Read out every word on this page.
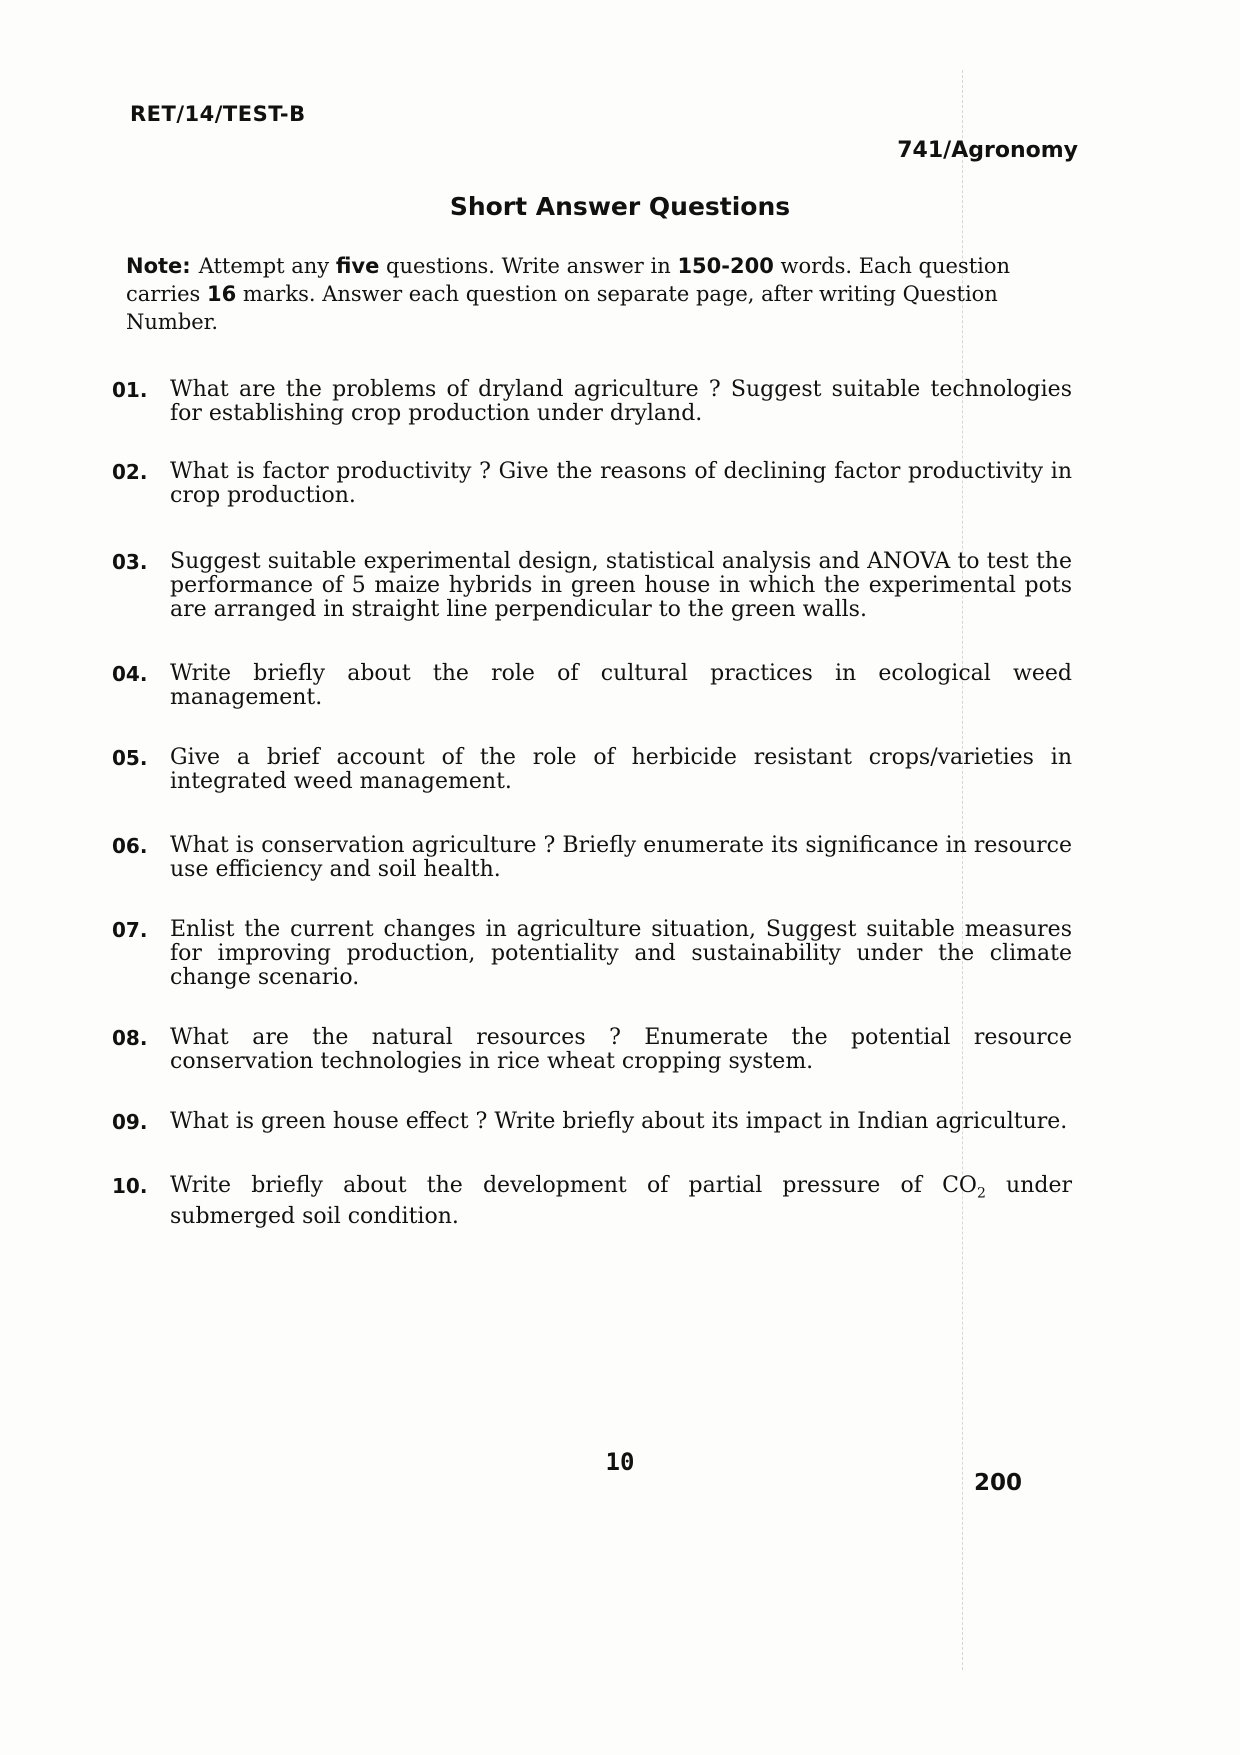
RET/14/TEST-B
741/Agronomy
Short Answer Questions
Note: Attempt any five questions. Write answer in 150-200 words. Each question carries 16 marks. Answer each question on separate page, after writing Question Number.
01.	What are the problems of dryland agriculture ? Suggest suitable technologies for establishing crop production under dryland.
02.	What is factor productivity ? Give the reasons of declining factor productivity in crop production.
03.	Suggest suitable experimental design, statistical analysis and ANOVA to test the performance of 5 maize hybrids in green house in which the experimental pots are arranged in straight line perpendicular to the green walls.
04.	Write briefly about the role of cultural practices in ecological weed management.
05.	Give a brief account of the role of herbicide resistant crops/varieties in integrated weed management.
06.	What is conservation agriculture ? Briefly enumerate its significance in resource use efficiency and soil health.
07.	Enlist the current changes in agriculture situation, Suggest suitable measures for improving production, potentiality and sustainability under the climate change scenario.
08.	What are the natural resources ? Enumerate the potential resource conservation technologies in rice wheat cropping system.
09.	What is green house effect ? Write briefly about its impact in Indian agriculture.
10.	Write briefly about the development of partial pressure of $CO_2$ under submerged soil condition.
10
200
